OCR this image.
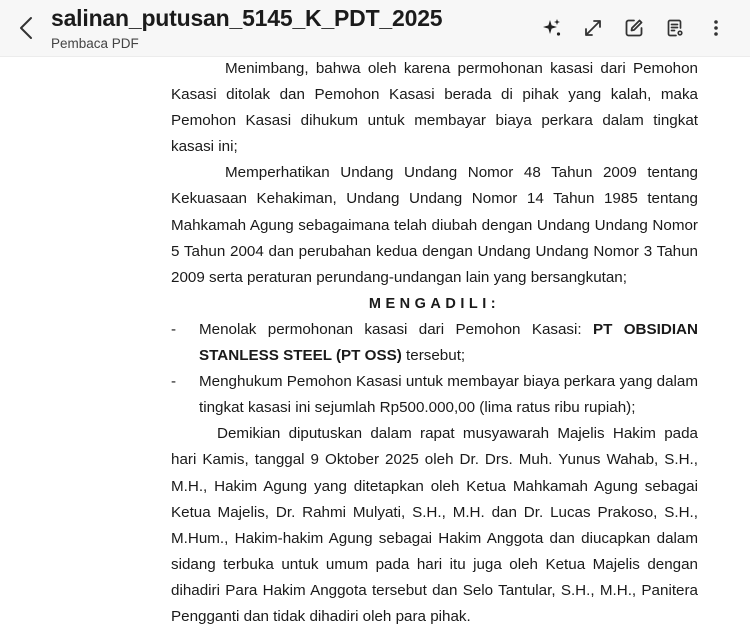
salinan_putusan_5145_K_PDT_2025
Pembaca PDF

Menimbang, bahwa oleh karena permohonan kasasi dari Pemohon Kasasi ditolak dan Pemohon Kasasi berada di pihak yang kalah, maka Pemohon Kasasi dihukum untuk membayar biaya perkara dalam tingkat kasasi ini;

Memperhatikan Undang Undang Nomor 48 Tahun 2009 tentang Kekuasaan Kehakiman, Undang Undang Nomor 14 Tahun 1985 tentang Mahkamah Agung sebagaimana telah diubah dengan Undang Undang Nomor 5 Tahun 2004 dan perubahan kedua dengan Undang Undang Nomor 3 Tahun 2009 serta peraturan perundang-undangan lain yang bersangkutan;

MENGADILI:

-	Menolak permohonan kasasi dari Pemohon Kasasi: PT OBSIDIAN STANLESS STEEL (PT OSS) tersebut;

-	Menghukum Pemohon Kasasi untuk membayar biaya perkara yang dalam tingkat kasasi ini sejumlah Rp500.000,00 (lima ratus ribu rupiah);

Demikian diputuskan dalam rapat musyawarah Majelis Hakim pada hari Kamis, tanggal 9 Oktober 2025 oleh Dr. Drs. Muh. Yunus Wahab, S.H., M.H., Hakim Agung yang ditetapkan oleh Ketua Mahkamah Agung sebagai Ketua Majelis, Dr. Rahmi Mulyati, S.H., M.H. dan Dr. Lucas Prakoso, S.H., M.Hum., Hakim-hakim Agung sebagai Hakim Anggota dan diucapkan dalam sidang terbuka untuk umum pada hari itu juga oleh Ketua Majelis dengan dihadiri Para Hakim Anggota tersebut dan Selo Tantular, S.H., M.H., Panitera Pengganti dan tidak dihadiri oleh para pihak.
